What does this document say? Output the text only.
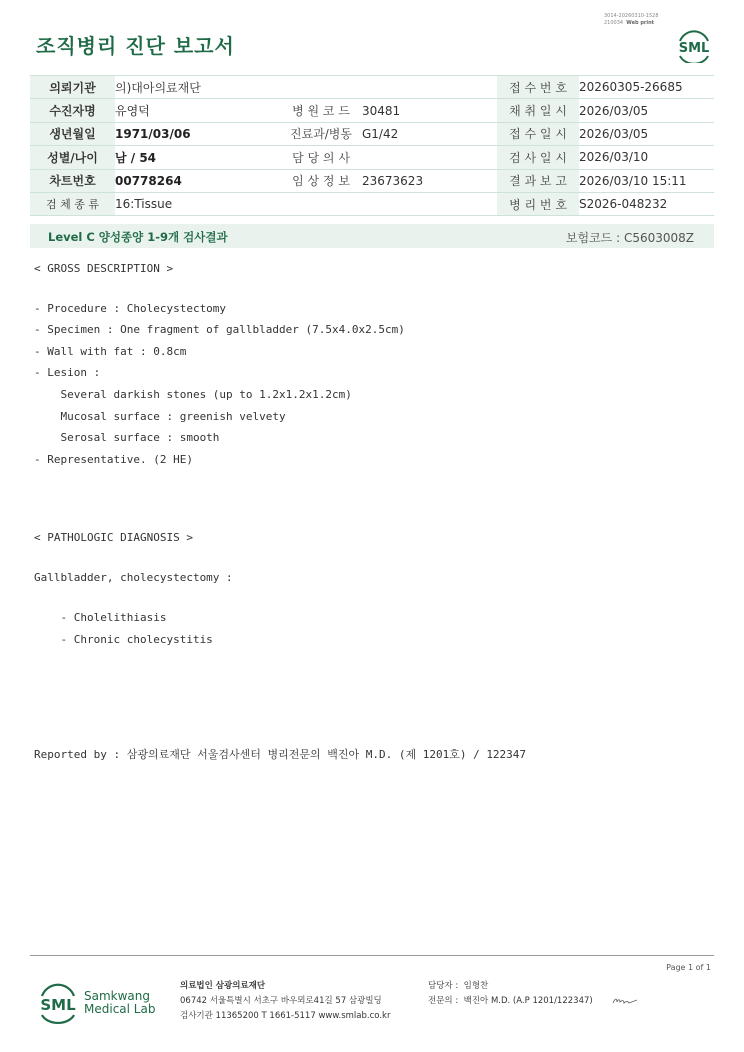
3014-20260310-1528
210034 Web print
조직병리 진단 보고서	SML
의뢰기관	의)대아의료재단			접 수 번 호	20260305-26685
수진자명	유영덕	병 원 코 드	30481	채 취 일 시	2026/03/05
생년월일	1971/03/06	진료과/병동	G1/42	접 수 일 시	2026/03/05
성별/나이	남 / 54	담 당 의 사		검 사 일 시	2026/03/10
차트번호	00778264	임 상 정 보	23673623	결 과 보 고	2026/03/10 15:11
검 체 종 류	16:Tissue			병 리 번 호	S2026-048232
Level C 양성종양 1-9개 검사결과	보험코드 : C5603008Z
< GROSS DESCRIPTION >
- Procedure : Cholecystectomy
- Specimen : One fragment of gallbladder (7.5x4.0x2.5cm)
- Wall with fat : 0.8cm
- Lesion :
Several darkish stones (up to 1.2x1.2x1.2cm)
Mucosal surface : greenish velvety
Serosal surface : smooth
- Representative. (2 HE)
< PATHOLOGIC DIAGNOSIS >
Gallbladder, cholecystectomy :
- Cholelithiasis
- Chronic cholecystitis
Reported by : 삼광의료재단 서울검사센터 병리전문의 백진아 M.D. (제 1201호) / 122347
Page 1 of 1
SML Samkwang
Medical Lab
의료법인 삼광의료재단
06742 서울특별시 서초구 바우뫼로41길 57 삼광빌딩
검사기관 11365200 T 1661-5117 www.smlab.co.kr
담당자 : 임형찬
전문의 : 백진아 M.D. (A.P 1201/122347)
